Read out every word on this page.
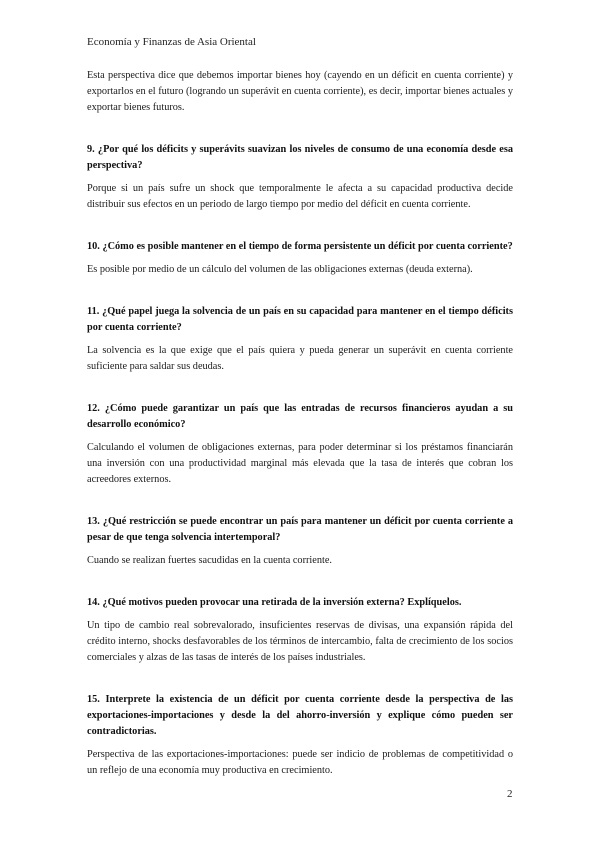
Economía y Finanzas de Asia Oriental

Esta perspectiva dice que debemos importar bienes hoy (cayendo en un déficit en cuenta corriente) y exportarlos en el futuro (logrando un superávit en cuenta corriente), es decir, importar bienes actuales y exportar bienes futuros.

9. ¿Por qué los déficits y superávits suavizan los niveles de consumo de una economía desde esa perspectiva?

Porque si un país sufre un shock que temporalmente le afecta a su capacidad productiva decide distribuir sus efectos en un periodo de largo tiempo por medio del déficit en cuenta corriente.

10. ¿Cómo es posible mantener en el tiempo de forma persistente un déficit por cuenta corriente?

Es posible por medio de un cálculo del volumen de las obligaciones externas (deuda externa).

11. ¿Qué papel juega la solvencia de un país en su capacidad para mantener en el tiempo déficits por cuenta corriente?

La solvencia es la que exige que el país quiera y pueda generar un superávit en cuenta corriente suficiente para saldar sus deudas.

12. ¿Cómo puede garantizar un país que las entradas de recursos financieros ayudan a su desarrollo económico?

Calculando el volumen de obligaciones externas, para poder determinar si los préstamos financiarán una inversión con una productividad marginal más elevada que la tasa de interés que cobran los acreedores externos.

13. ¿Qué restricción se puede encontrar un país para mantener un déficit por cuenta corriente a pesar de que tenga solvencia intertemporal?

Cuando se realizan fuertes sacudidas en la cuenta corriente.

14. ¿Qué motivos pueden provocar una retirada de la inversión externa? Explíquelos.

Un tipo de cambio real sobrevalorado, insuficientes reservas de divisas, una expansión rápida del crédito interno, shocks desfavorables de los términos de intercambio, falta de crecimiento de los socios comerciales y alzas de las tasas de interés de los países industriales.

15. Interprete la existencia de un déficit por cuenta corriente desde la perspectiva de las exportaciones-importaciones y desde la del ahorro-inversión y explique cómo pueden ser contradictorias.

Perspectiva de las exportaciones-importaciones: puede ser indicio de problemas de competitividad o un reflejo de una economía muy productiva en crecimiento.

2
